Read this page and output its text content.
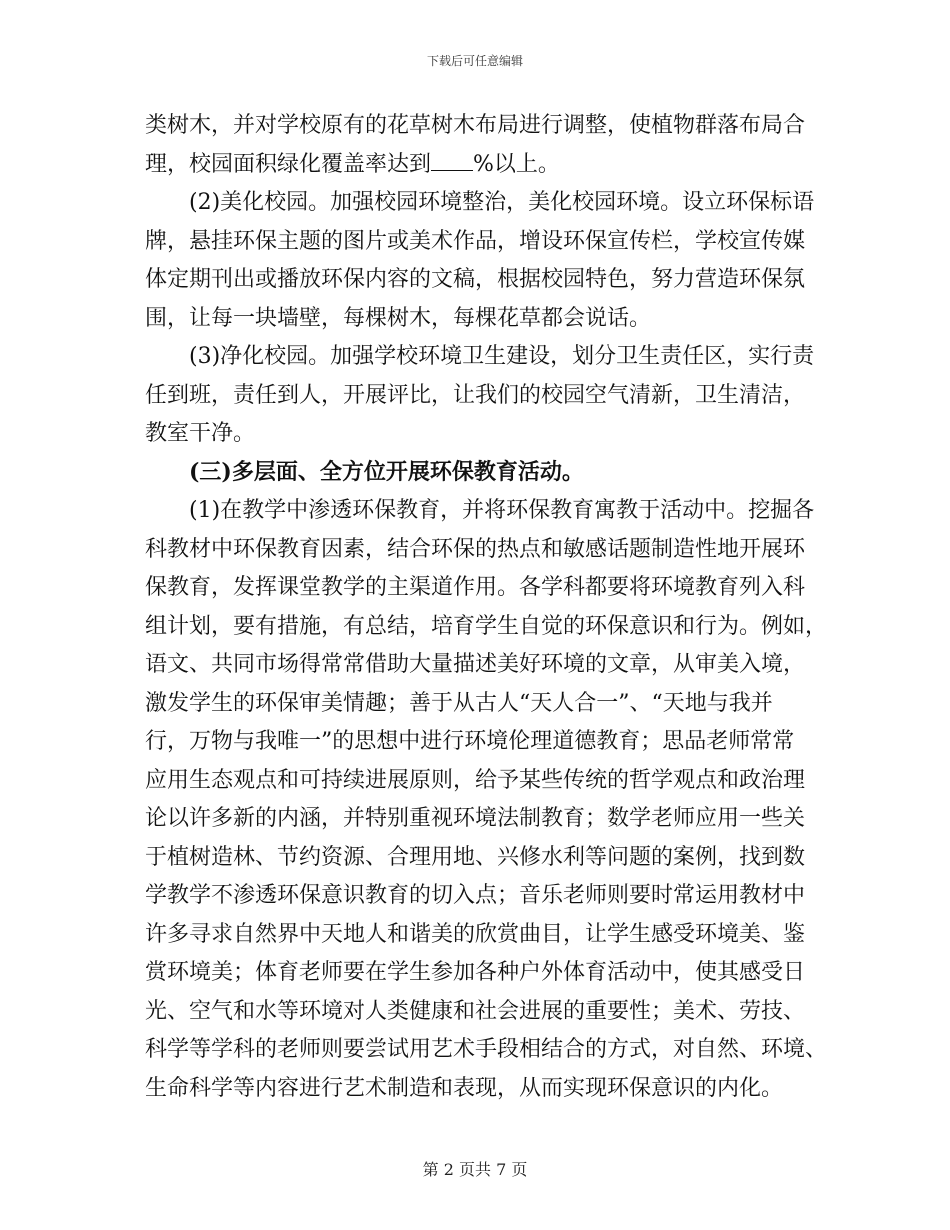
下载后可任意编辑
类树木，并对学校原有的花草树木布局进行调整，使植物群落布局合
理，校园面积绿化覆盖率达到 %以上。
(2)美化校园。加强校园环境整治，美化校园环境。设立环保标语
牌，悬挂环保主题的图片或美术作品，增设环保宣传栏，学校宣传媒
体定期刊出或播放环保内容的文稿，根据校园特色，努力营造环保氛
围，让每一块墙壁，每棵树木，每棵花草都会说话。
(3)净化校园。加强学校环境卫生建设，划分卫生责任区，实行责
任到班，责任到人，开展评比，让我们的校园空气清新，卫生清洁，
教室干净。
(三)多层面、全方位开展环保教育活动。
(1)在教学中渗透环保教育，并将环保教育寓教于活动中。挖掘各
科教材中环保教育因素，结合环保的热点和敏感话题制造性地开展环
保教育，发挥课堂教学的主渠道作用。各学科都要将环境教育列入科
组计划，要有措施，有总结，培育学生自觉的环保意识和行为。例如，
语文、共同市场得常常借助大量描述美好环境的文章，从审美入境，
激发学生的环保审美情趣；善于从古人“天人合一”、“天地与我并
行，万物与我唯一”的思想中进行环境伦理道德教育；思品老师常常
应用生态观点和可持续进展原则，给予某些传统的哲学观点和政治理
论以许多新的内涵，并特别重视环境法制教育；数学老师应用一些关
于植树造林、节约资源、合理用地、兴修水利等问题的案例，找到数
学教学不渗透环保意识教育的切入点；音乐老师则要时常运用教材中
许多寻求自然界中天地人和谐美的欣赏曲目，让学生感受环境美、鉴
赏环境美；体育老师要在学生参加各种户外体育活动中，使其感受日
光、空气和水等环境对人类健康和社会进展的重要性；美术、劳技、
科学等学科的老师则要尝试用艺术手段相结合的方式，对自然、环境、
生命科学等内容进行艺术制造和表现，从而实现环保意识的内化。
第 2 页共 7 页
